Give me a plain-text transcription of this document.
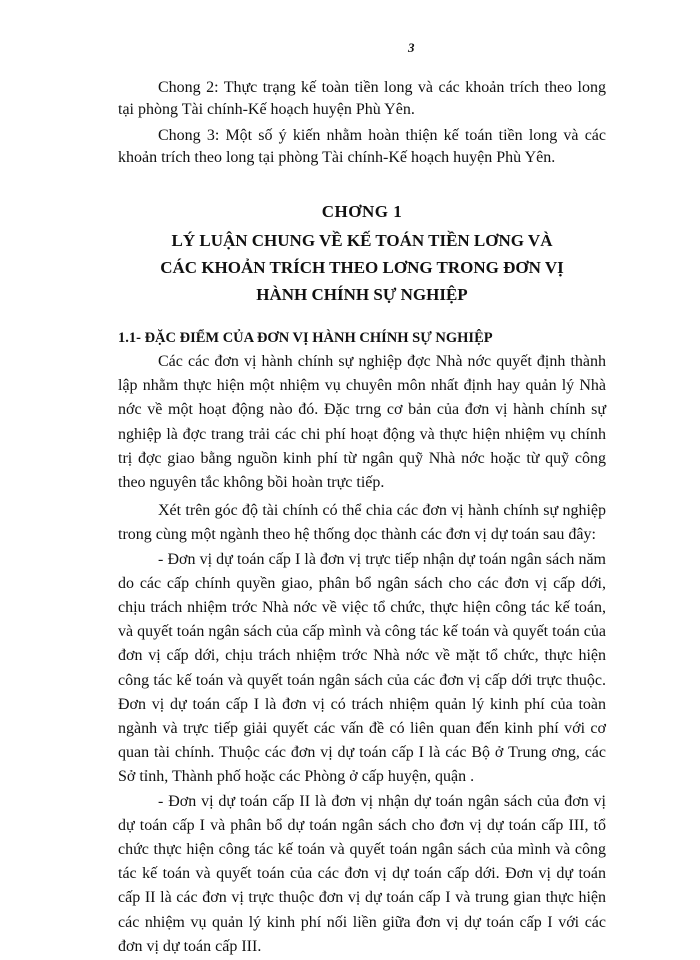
3

Chong 2: Thực trạng kế toàn tiền long và các khoản trích theo long tại phòng Tài chính-Kế hoạch huyện Phù Yên.

Chong 3: Một số ý kiến nhằm hoàn thiện kế toán tiền long và các khoản trích theo long tại phòng Tài chính-Kế hoạch huyện Phù Yên.

CHƠNG 1
LÝ LUẬN CHUNG VỀ KẾ TOÁN TIỀN LƠNG VÀ
CÁC KHOẢN TRÍCH THEO LƠNG TRONG ĐƠN VỊ
HÀNH CHÍNH SỰ NGHIỆP
1.1- ĐẶC ĐIỂM CỦA ĐƠN VỊ HÀNH CHÍNH SỰ NGHIỆP

Các các đơn vị hành chính sự nghiệp đợc Nhà nớc quyết định thành lập nhằm thực hiện một nhiệm vụ chuyên môn nhất định hay quản lý Nhà nớc về một hoạt động nào đó. Đặc trng cơ bản của đơn vị hành chính sự nghiệp là đợc trang trải các chi phí hoạt động và thực hiện nhiệm vụ chính trị đợc giao bằng nguồn kinh phí từ ngân quỹ Nhà nớc hoặc từ quỹ công theo nguyên tắc không bồi hoàn trực tiếp.

Xét trên góc độ tài chính có thể chia các đơn vị hành chính sự nghiệp trong cùng một ngành theo hệ thống dọc thành các đơn vị dự toán sau đây:

- Đơn vị dự toán cấp I là đơn vị trực tiếp nhận dự toán ngân sách năm do các cấp chính quyền giao, phân bổ ngân sách cho các đơn vị cấp dới, chịu trách nhiệm trớc Nhà nớc về việc tổ chức, thực hiện công tác kế toán, và quyết toán ngân sách của cấp mình và công tác kế toán và quyết toán của đơn vị cấp dới, chịu trách nhiệm trớc Nhà nớc về mặt tổ chức, thực hiện công tác kế toán và quyết toán ngân sách của các đơn vị cấp dới trực thuộc. Đơn vị dự toán cấp I là đơn vị có trách nhiệm quản lý kinh phí của toàn ngành và trực tiếp giải quyết các vấn đề có liên quan đến kinh phí với cơ quan tài chính. Thuộc các đơn vị dự toán cấp I là các Bộ ở Trung ơng, các Sở tỉnh, Thành phố hoặc các Phòng ở cấp huyện, quận .

- Đơn vị dự toán cấp II là đơn vị nhận dự toán ngân sách của đơn vị dự toán cấp I và phân bổ dự toán ngân sách cho đơn vị dự toán cấp III, tổ chức thực hiện công tác kế toán và quyết toán ngân sách của mình và công tác kế toán và quyết toán của các đơn vị dự toán cấp dới. Đơn vị dự toán cấp II là các đơn vị trực thuộc đơn vị dự toán cấp I và trung gian thực hiện các nhiệm vụ quản lý kinh phí nối liền giữa đơn vị dự toán cấp I với các đơn vị dự toán cấp III.
